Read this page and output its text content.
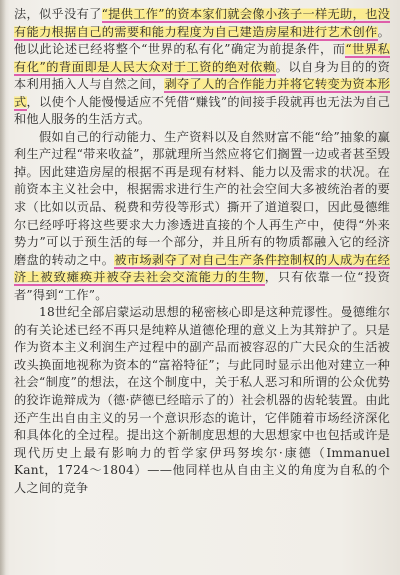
法，似乎没有了“提供工作”的资本家们就会像小孩子一样无助，也没有能力根据自己的需要和能力程度为自己建造房屋和进行艺术创作。他以此论述已经将整个“世界的私有化”确定为前提条件，而“世界私有化”的背面即是人民大众对于工资的绝对依赖。以自身为目的的资本利用插入人与自然之间，剥夺了人的合作能力并将它转变为资本形式，以使个人能慢慢适应不凭借“赚钱”的间接手段就再也无法为自己和他人服务的生活方式。

假如自己的行动能力、生产资料以及自然财富不能“给”抽象的赢利生产过程“带来收益”，那就理所当然应将它们搁置一边或者甚至毁掉。因此建造房屋的根据不再是现有材料、能力以及需求的状况。在前资本主义社会中，根据需求进行生产的社会空间大多被统治者的要求（比如以贡品、税费和劳役等形式）撕开了道道裂口，因此曼德维尔已经呼吁将这些要求大力渗透进直接的个人再生产中，使得“外来势力”可以于预生活的每一个部分，并且所有的物质都融入它的经济磨盘的转动之中。被市场剥夺了对自己生产条件控制权的人成为在经济上被致瘫痪并被夺去社会交流能力的生物，只有依靠一位“投资者”得到“工作”。

18世纪全部启蒙运动思想的秘密核心即是这种荒谬性。曼德维尔的有关论述已经不再只是纯粹从道德伦理的意义上为其辩护了。只是作为资本主义利润生产过程中的副产品而被容忍的广大民众的生活被改头换面地视称为资本的“富裕特征”；与此同时显示出他对建立一种社会“制度”的想法，在这个制度中，关于私人恶习和所谓的公众优势的狡诈诡辩成为（德·萨德已经暗示了的）社会机器的齿轮装置。由此还产生出自由主义的另一个意识形态的诡计，它伴随着市场经济深化和具体化的全过程。提出这个新制度思想的大思想家中也包括或许是现代历史上最有影响力的哲学家伊玛努埃尔·康德（Immanuel Kant，1724～1804）——他同样也从自由主义的角度为自私的个人之间的竞争
